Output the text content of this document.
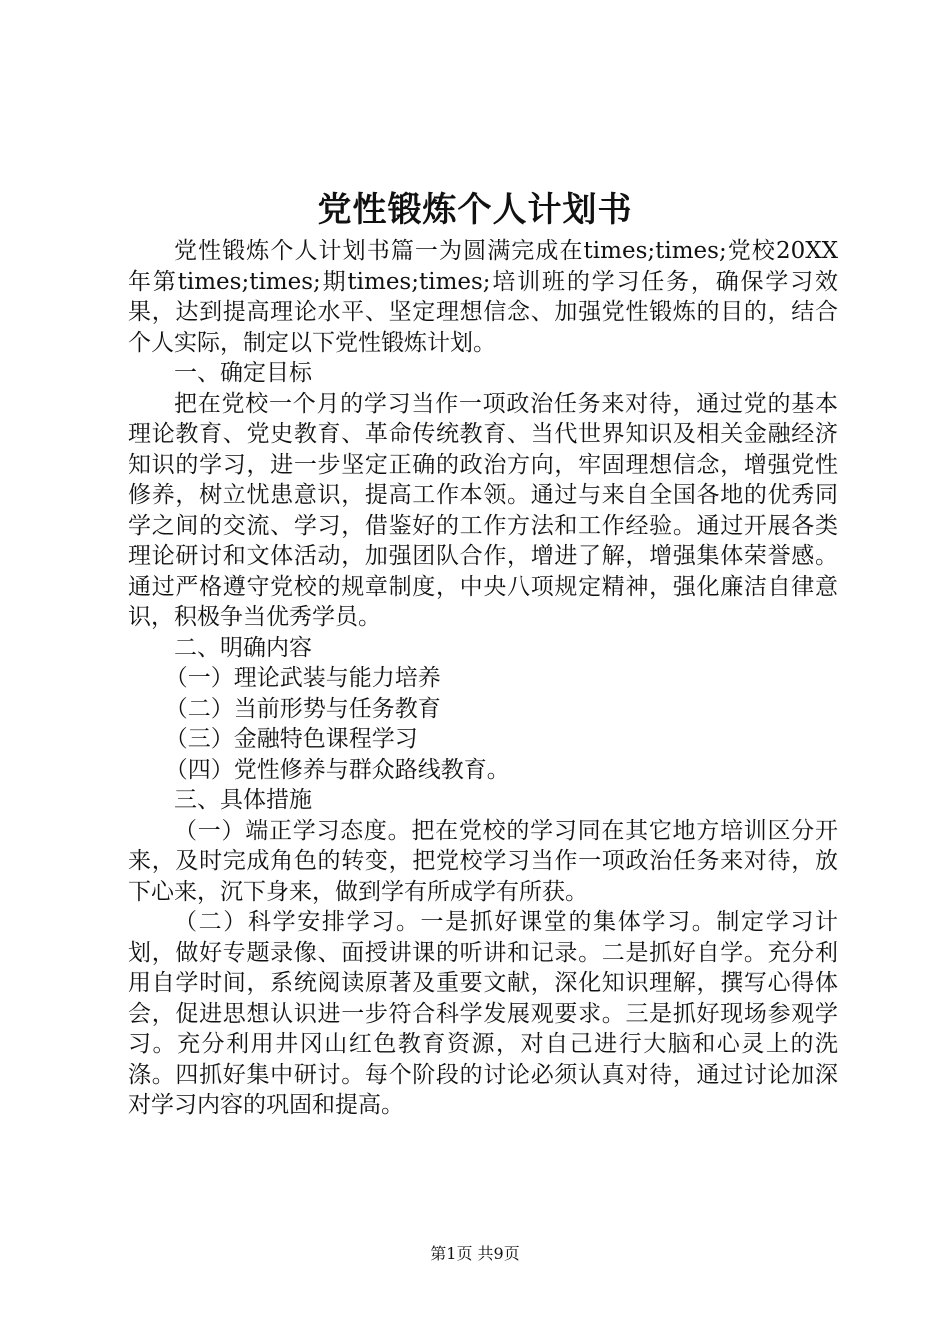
党性锻炼个人计划书

党性锻炼个人计划书篇一为圆满完成在times;times;党校20XX年第times;times;期times;times;培训班的学习任务，确保学习效果，达到提高理论水平、坚定理想信念、加强党性锻炼的目的，结合个人实际，制定以下党性锻炼计划。

一、确定目标

把在党校一个月的学习当作一项政治任务来对待，通过党的基本理论教育、党史教育、革命传统教育、当代世界知识及相关金融经济知识的学习，进一步坚定正确的政治方向，牢固理想信念，增强党性修养，树立忧患意识，提高工作本领。通过与来自全国各地的优秀同学之间的交流、学习，借鉴好的工作方法和工作经验。通过开展各类理论研讨和文体活动，加强团队合作，增进了解，增强集体荣誉感。通过严格遵守党校的规章制度，中央八项规定精神，强化廉洁自律意识，积极争当优秀学员。

二、明确内容

（一）理论武装与能力培养

（二）当前形势与任务教育

（三）金融特色课程学习

（四）党性修养与群众路线教育。

三、具体措施

（一）端正学习态度。把在党校的学习同在其它地方培训区分开来，及时完成角色的转变，把党校学习当作一项政治任务来对待，放下心来，沉下身来，做到学有所成学有所获。

（二）科学安排学习。一是抓好课堂的集体学习。制定学习计划，做好专题录像、面授讲课的听讲和记录。二是抓好自学。充分利用自学时间，系统阅读原著及重要文献，深化知识理解，撰写心得体会，促进思想认识进一步符合科学发展观要求。三是抓好现场参观学习。充分利用井冈山红色教育资源，对自己进行大脑和心灵上的洗涤。四抓好集中研讨。每个阶段的讨论必须认真对待，通过讨论加深对学习内容的巩固和提高。

第1页 共9页
